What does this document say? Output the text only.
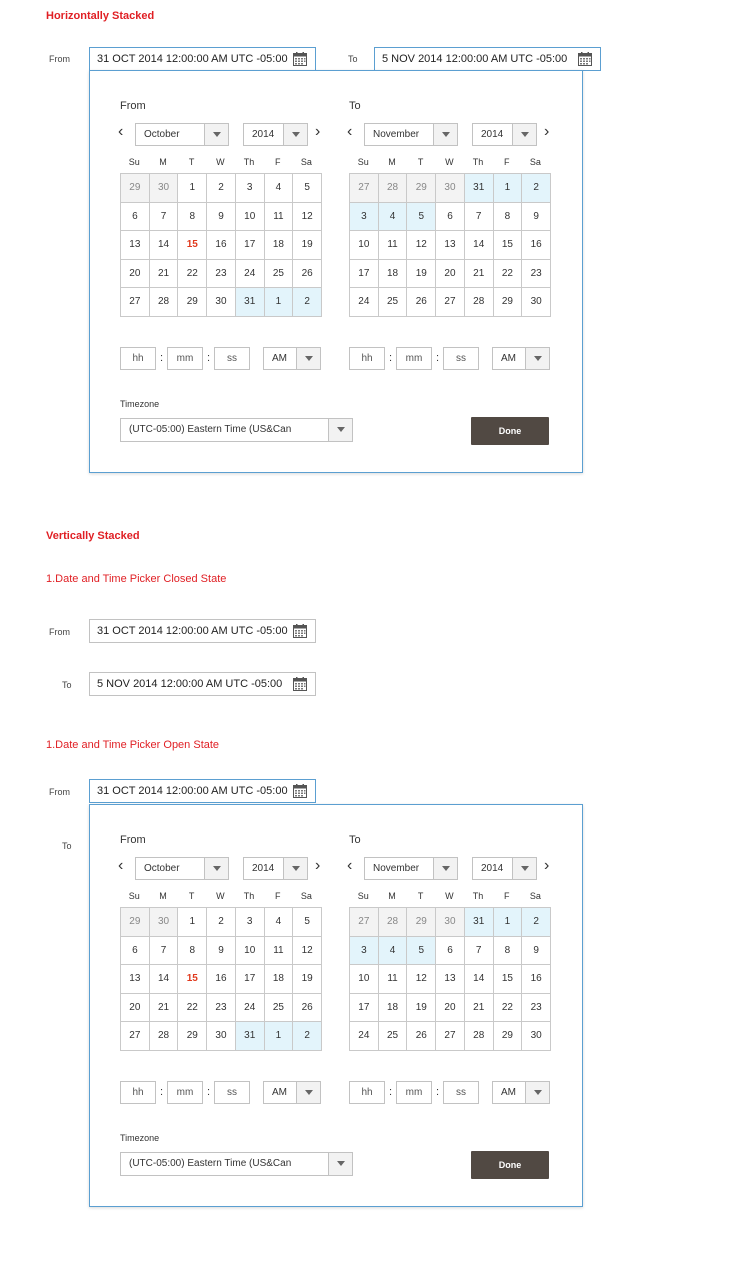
Horizontally Stacked
From 31 OCT 2014 12:00:00 AM UTC -05:00	To 5 NOV 2014 12:00:00 AM UTC -05:00
From
‹ October	2014	›
Su	M	T	W	Th	F	Sa
29	30	1	2	3	4	5
6	7	8	9	10	11	12
13	14	15	16	17	18	19
20	21	22	23	24	25	26
27	28	29	30	31	1	2
hh	:	mm	:	ss	AM
To
‹ November	2014	›
Su	M	T	W	Th	F	Sa
27	28	29	30	31	1	2
3	4	5	6	7	8	9
10	11	12	13	14	15	16
17	18	19	20	21	22	23
24	25	26	27	28	29	30
hh	:	mm	:	ss	AM
Timezone
(UTC-05:00) Eastern Time (US&Can	Done
Vertically Stacked
1.Date and Time Picker Closed State
From 31 OCT 2014 12:00:00 AM UTC -05:00
To 5 NOV 2014 12:00:00 AM UTC -05:00
1.Date and Time Picker Open State
From 31 OCT 2014 12:00:00 AM UTC -05:00
To	From
‹ October	2014	›
Su	M	T	W	Th	F	Sa
29	30	1	2	3	4	5
6	7	8	9	10	11	12
13	14	15	16	17	18	19
20	21	22	23	24	25	26
27	28	29	30	31	1	2
hh	:	mm	:	ss	AM
To
‹ November	2014	›
Su	M	T	W	Th	F	Sa
27	28	29	30	31	1	2
3	4	5	6	7	8	9
10	11	12	13	14	15	16
17	18	19	20	21	22	23
24	25	26	27	28	29	30
hh	:	mm	:	ss	AM
Timezone
(UTC-05:00) Eastern Time (US&Can	Done
